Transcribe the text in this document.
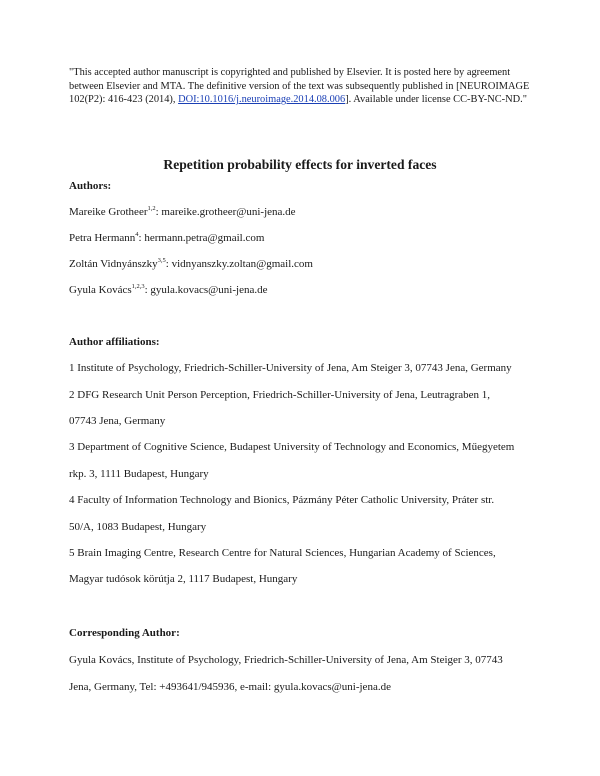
"This accepted author manuscript is copyrighted and published by Elsevier. It is posted here by agreement between Elsevier and MTA. The definitive version of the text was subsequently published in [NEUROIMAGE 102(P2): 416-423 (2014), DOI:10.1016/j.neuroimage.2014.08.006]. Available under license CC-BY-NC-ND."
Repetition probability effects for inverted faces
Authors:
Mareike Grotheer$^{1,2}$: mareike.grotheer@uni-jena.de
Petra Hermann$^4$: hermann.petra@gmail.com
Zoltán Vidnyánszky$^{3,5}$: vidnyanszky.zoltan@gmail.com
Gyula Kovács$^{1,2,3}$: gyula.kovacs@uni-jena.de
Author affiliations:
1 Institute of Psychology, Friedrich-Schiller-University of Jena, Am Steiger 3, 07743 Jena, Germany
2 DFG Research Unit Person Perception, Friedrich-Schiller-University of Jena, Leutragraben 1,
07743 Jena, Germany
3 Department of Cognitive Science, Budapest University of Technology and Economics, Műegyetem
rkp. 3, 1111 Budapest, Hungary
4 Faculty of Information Technology and Bionics, Pázmány Péter Catholic University, Práter str.
50/A, 1083 Budapest, Hungary
5 Brain Imaging Centre, Research Centre for Natural Sciences, Hungarian Academy of Sciences,
Magyar tudósok körútja 2, 1117 Budapest, Hungary
Corresponding Author:
Gyula Kovács, Institute of Psychology, Friedrich-Schiller-University of Jena, Am Steiger 3, 07743
Jena, Germany, Tel: +493641/945936, e-mail: gyula.kovacs@uni-jena.de
